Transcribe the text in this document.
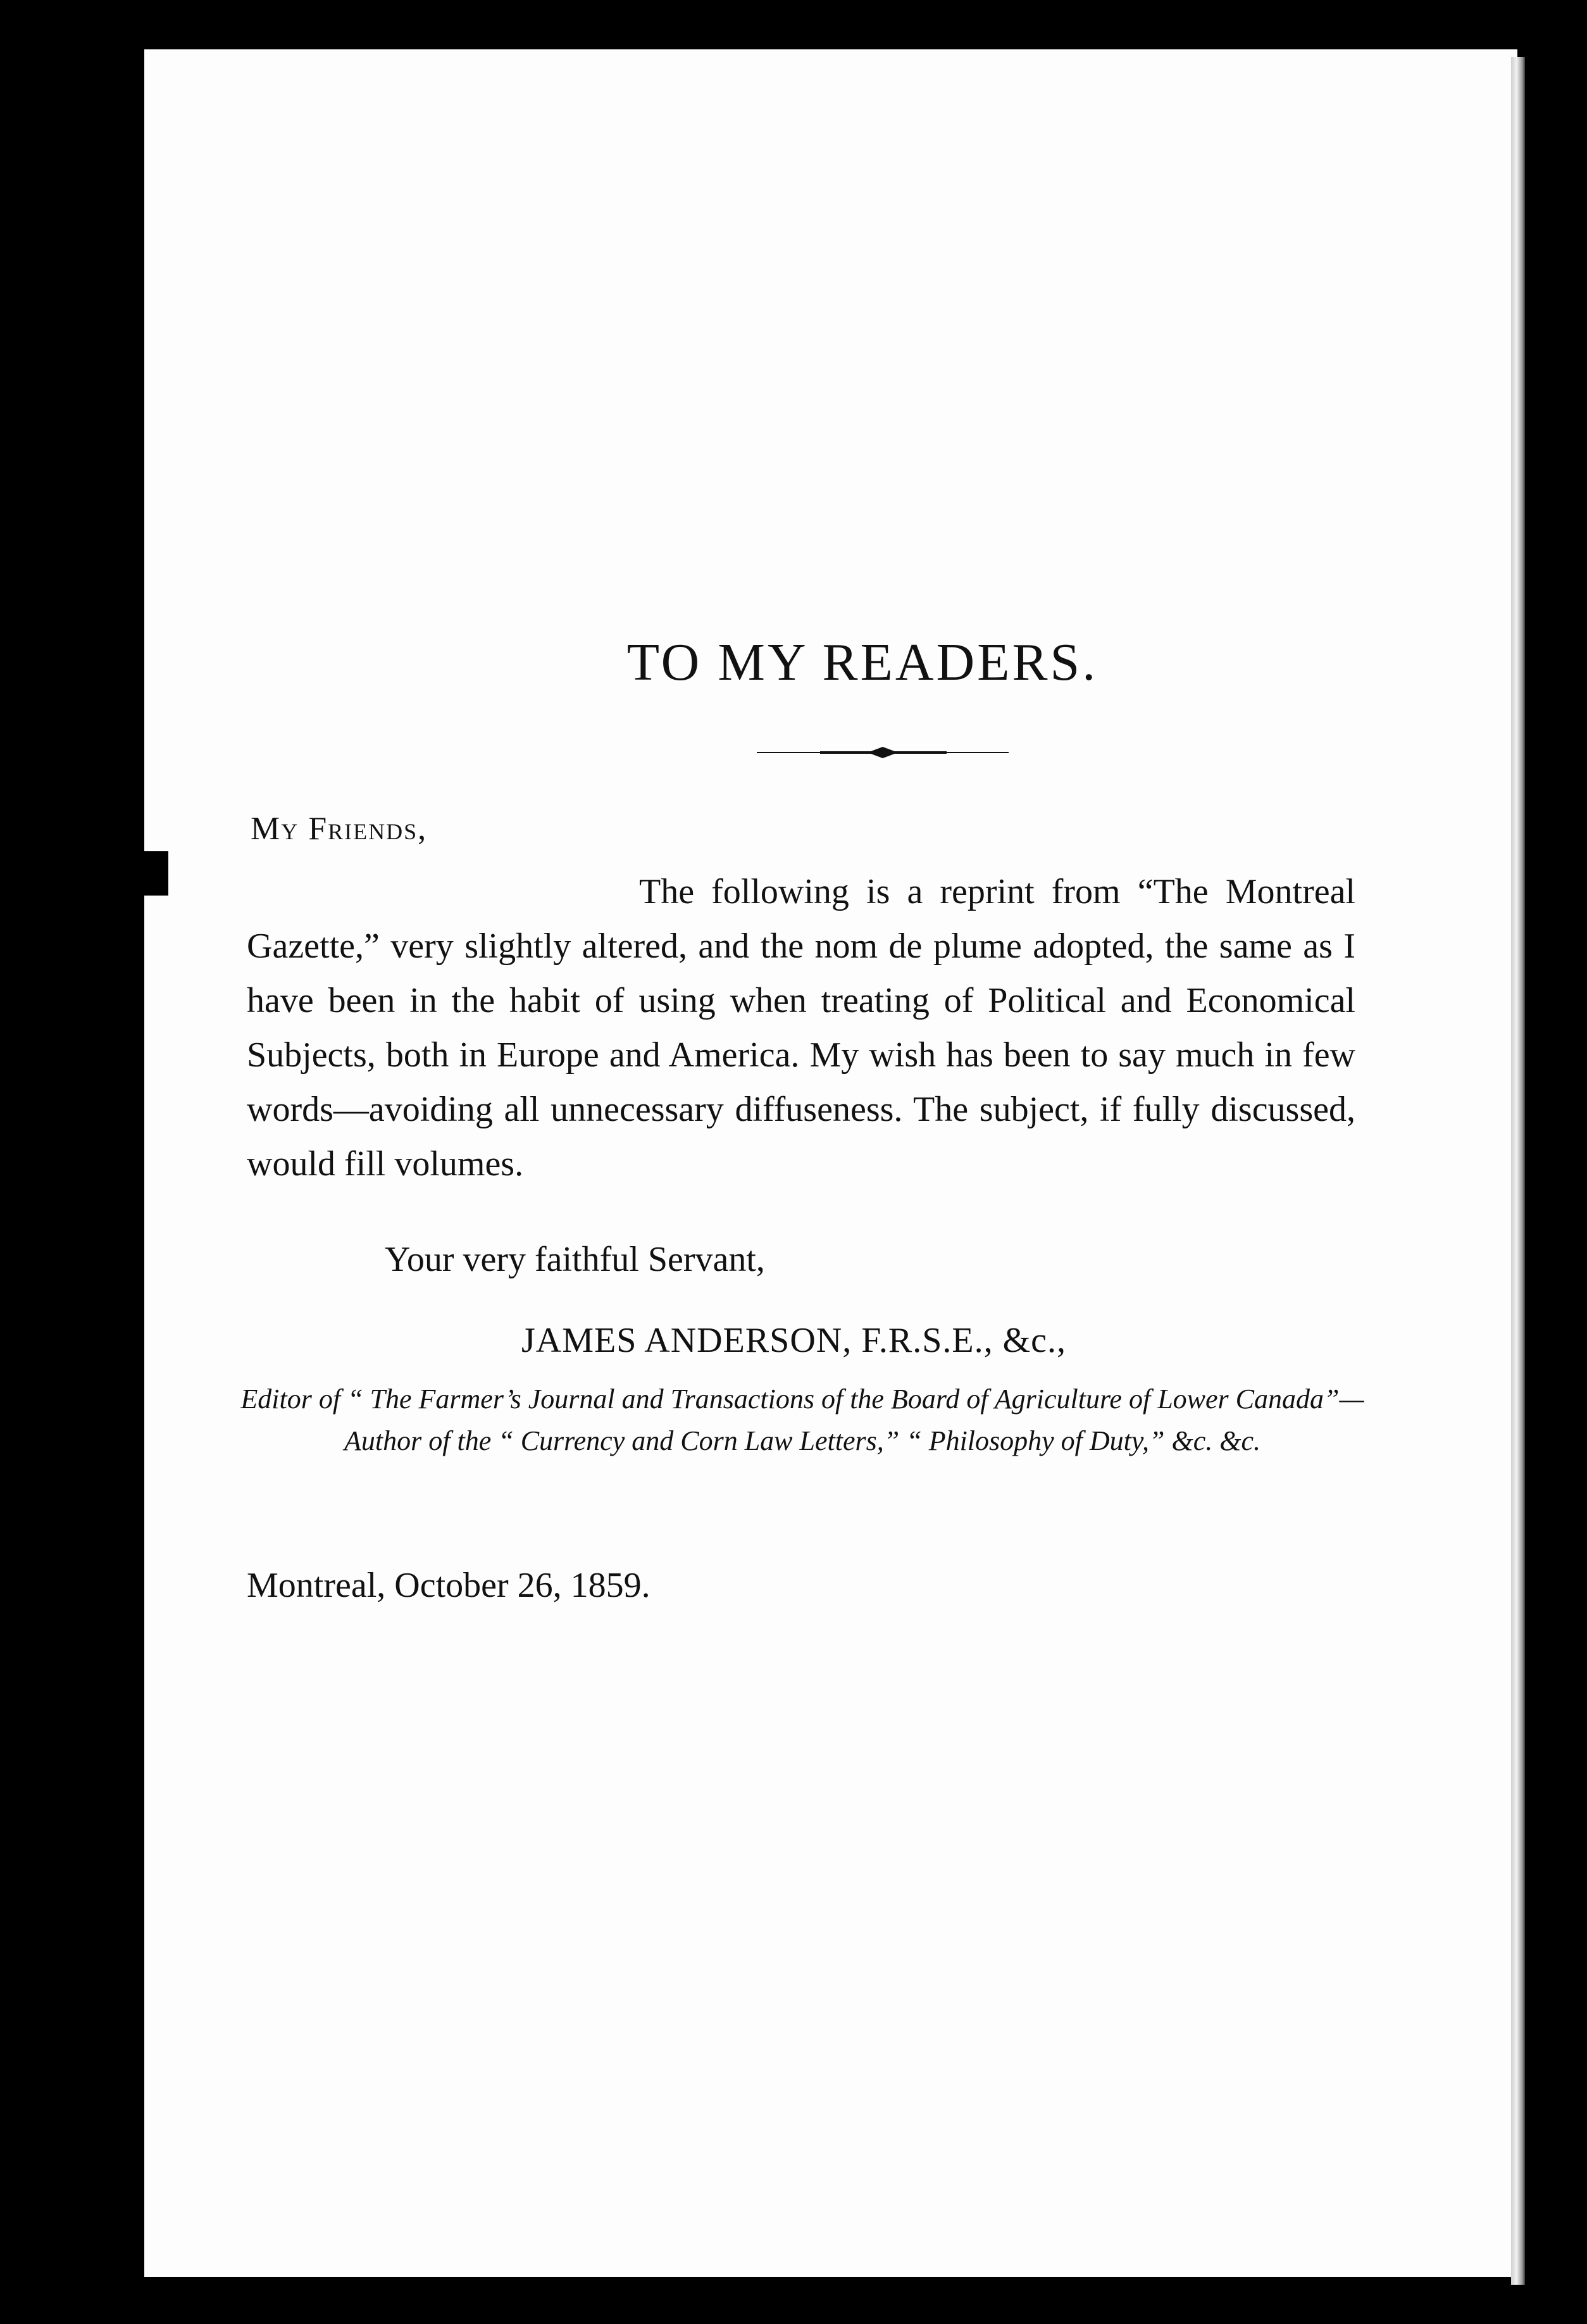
TO MY READERS.
My Friends,
The following is a reprint from “The Montreal Gazette,” very slightly altered, and the nom de plume adopted, the same as I have been in the habit of using when treating of Political and Economical Subjects, both in Europe and America. My wish has been to say much in few words—avoiding all unnecessary diffuseness. The subject, if fully discussed, would fill volumes.
Your very faithful Servant,
JAMES ANDERSON, F.R.S.E., &c.,
Editor of “ The Farmer’s Journal and Transactions of the Board of Agriculture of Lower Canada”—Author of the “ Currency and Corn Law Letters,” “ Philosophy of Duty,” &c. &c.
Montreal, October 26, 1859.
